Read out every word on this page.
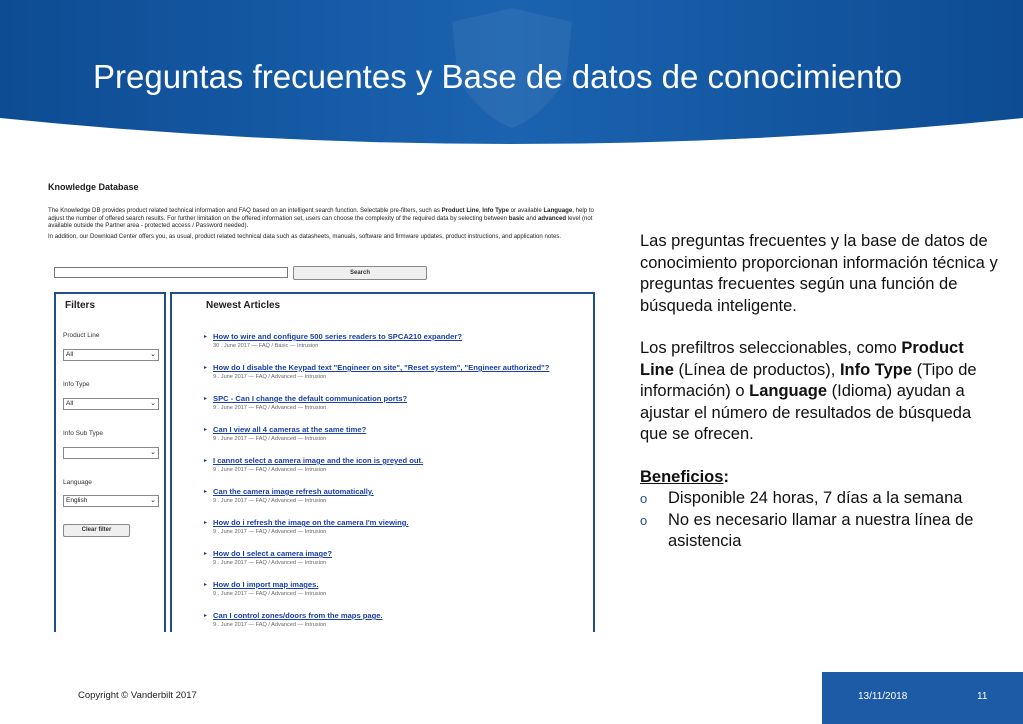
Preguntas frecuentes y Base de datos de conocimiento
Knowledge Database

The Knowledge DB provides product related technical information and FAQ based on an intelligent search function. Selectable pre-filters, such as Product Line, Info Type or available Language, help to adjust the number of offered search results. For further limitation on the offered information set, users can choose the complexity of the required data by selecting between basic and advanced level (not available outside the Partner area - protected access / Password needed).

In addition, our Download Center offers you, as usual, product related technical data such as datasheets, manuals, software and firmware updates, product instructions, and application notes.

Search
Filters
Product Line
All	⌄
Info Type
All	⌄
Info Sub Type
⌄
Language
English	⌄
Clear filter
Newest Articles
▸ How to wire and configure 500 series readers to SPCA210 expander?
30 . June 2017 — FAQ / Basic — Intrusion
▸ How do I disable the Keypad text "Engineer on site", "Reset system", "Engineer authorized"?
9 . June 2017 — FAQ / Advanced — Intrusion
▸ SPC - Can I change the default communication ports?
9 . June 2017 — FAQ / Advanced — Intrusion
▸ Can I view all 4 cameras at the same time?
9 . June 2017 — FAQ / Advanced — Intrusion
▸ I cannot select a camera image and the icon is greyed out.
9 . June 2017 — FAQ / Advanced — Intrusion
▸ Can the camera image refresh automatically.
9 . June 2017 — FAQ / Advanced — Intrusion
▸ How do i refresh the image on the camera I'm viewing.
9 . June 2017 — FAQ / Advanced — Intrusion
▸ How do I select a camera image?
9 . June 2017 — FAQ / Advanced — Intrusion
▸ How do I import map images.
9 . June 2017 — FAQ / Advanced — Intrusion
▸ Can I control zones/doors from the maps page.
9 . June 2017 — FAQ / Advanced — Intrusion

Las preguntas frecuentes y la base de datos de conocimiento proporcionan información técnica y preguntas frecuentes según una función de búsqueda inteligente.

Los prefiltros seleccionables, como Product Line (Línea de productos), Info Type (Tipo de información) o Language (Idioma) ayudan a ajustar el número de resultados de búsqueda que se ofrecen.

Beneficios:

o Disponible 24 horas, 7 días a la semana
o No es necesario llamar a nuestra línea de asistencia
Copyright © Vanderbilt 2017	13/11/2018	11
